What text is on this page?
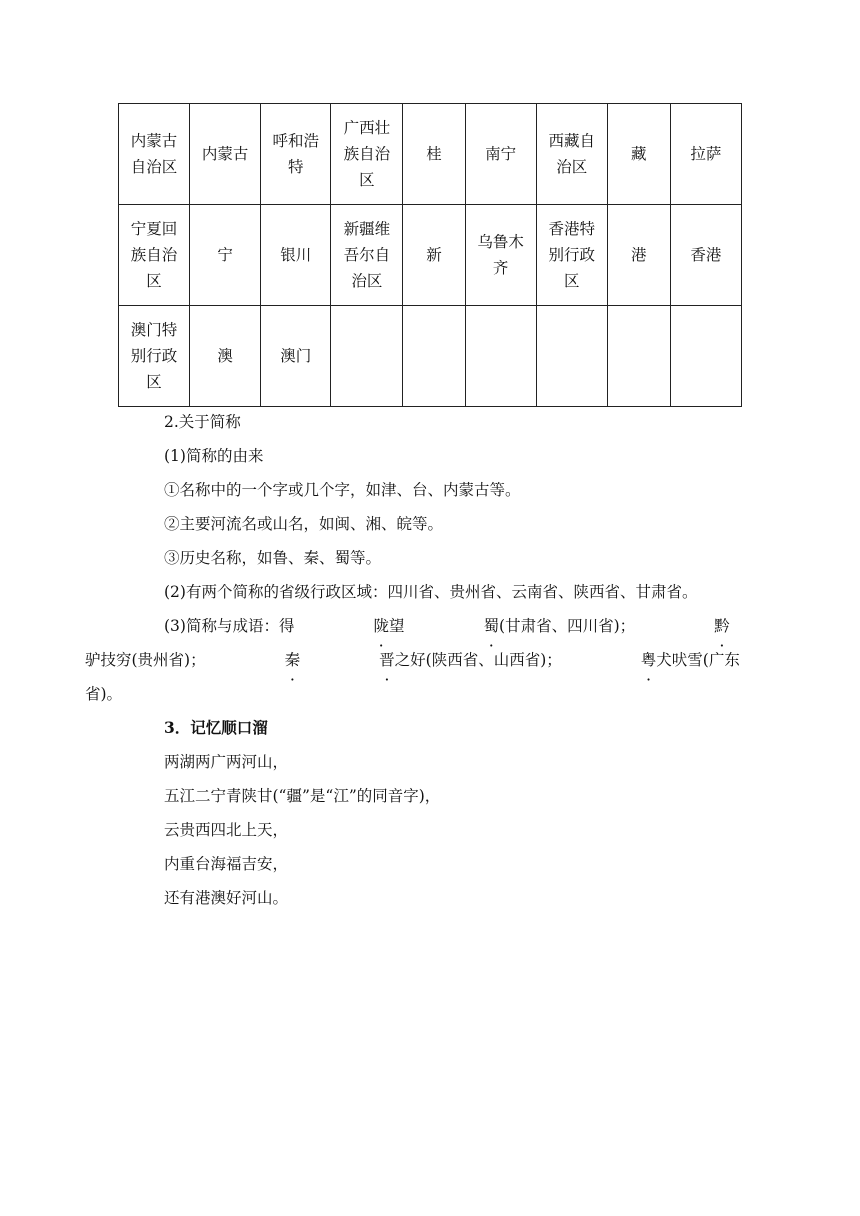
内蒙古自治区	内蒙古	呼和浩特	广西壮族自治区	桂	南宁	西藏自治区	藏	拉萨
宁夏回族自治区	宁	银川	新疆维吾尔自治区	新	乌鲁木齐	香港特别行政区	港	香港
澳门特别行政区	澳	澳门						

2.关于简称

(1)简称的由来

①名称中的一个字或几个字，如津、台、内蒙古等。

②主要河流名或山名，如闽、湘、皖等。

③历史名称，如鲁、秦、蜀等。

(2)有两个简称的省级行政区域：四川省、贵州省、云南省、陕西省、甘肃省。

(3)简称与成语：得	陇望	蜀(甘肃省、四川省)；	黔驴技穷(贵州省)；	秦	晋之好(陕西省、山西省)；	粤犬吠雪(广东省)。

3．记忆顺口溜

两湖两广两河山，

五江二宁青陕甘(“疆”是“江”的同音字)，

云贵西四北上天，

内重台海福吉安，

还有港澳好河山。
